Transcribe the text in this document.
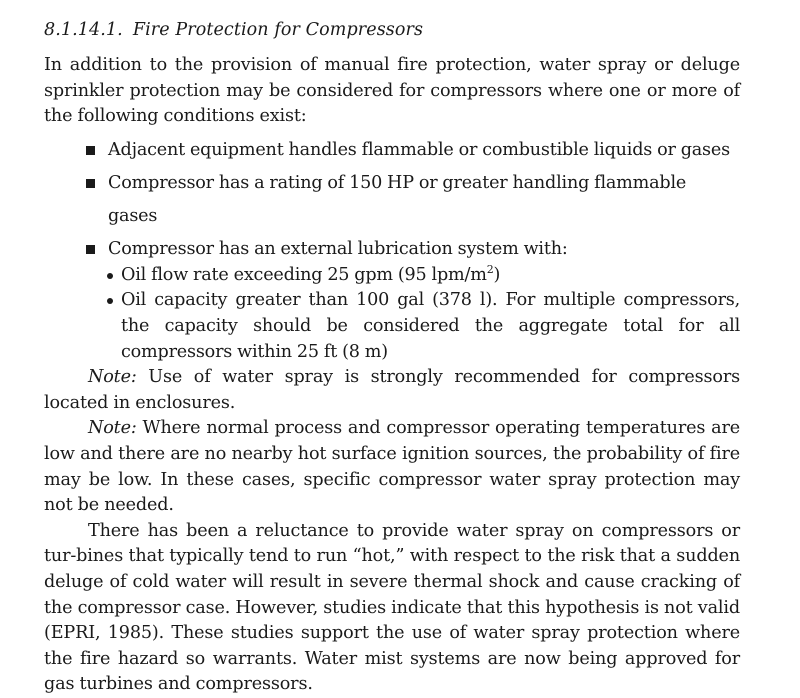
8.1.14.1. Fire Protection for Compressors

In addition to the provision of manual fire protection, water spray or deluge sprinkler protection may be considered for compressors where one or more of the following conditions exist:

Adjacent equipment handles flammable or combustible liquids or gases
Compressor has a rating of 150 HP or greater handling flammable gases
Compressor has an external lubrication system with:
Oil flow rate exceeding 25 gpm (95 lpm/$m^2$)
Oil capacity greater than 100 gal (378 l). For multiple compressors, the capacity should be considered the aggregate total for all compressors within 25 ft (8 m)

Note: Use of water spray is strongly recommended for compressors located in enclosures.

Note: Where normal process and compressor operating temperatures are low and there are no nearby hot surface ignition sources, the probability of fire may be low. In these cases, specific compressor water spray protection may not be needed.

There has been a reluctance to provide water spray on compressors or tur-bines that typically tend to run “hot,” with respect to the risk that a sudden deluge of cold water will result in severe thermal shock and cause cracking of the compressor case. However, studies indicate that this hypothesis is not valid (EPRI, 1985). These studies support the use of water spray protection where the fire hazard so warrants. Water mist systems are now being approved for gas turbines and compressors.
